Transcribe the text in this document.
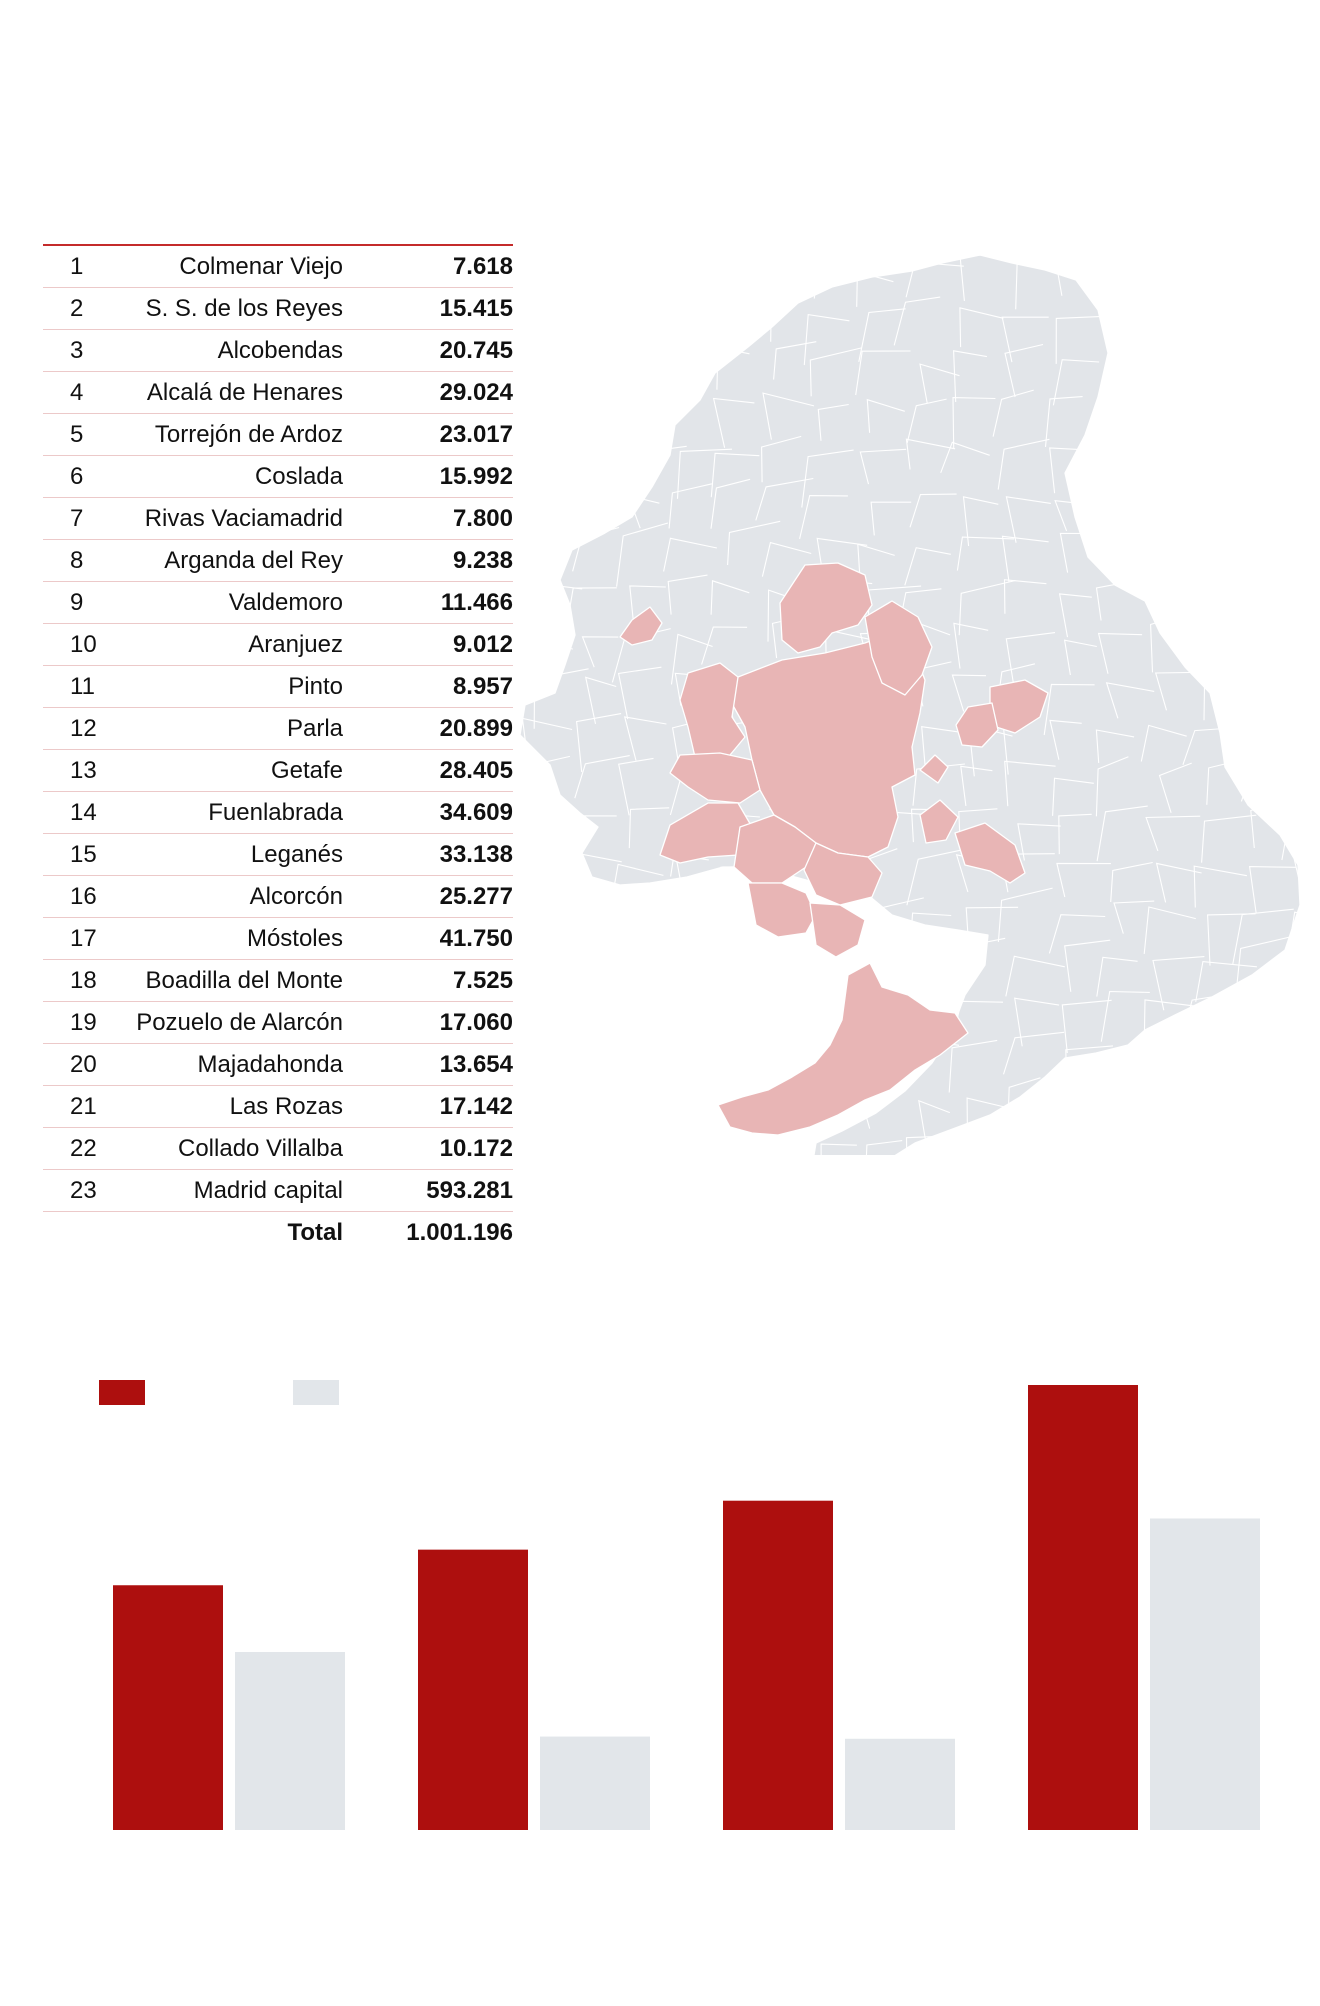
1	Colmenar Viejo	7.618
2	S. S. de los Reyes	15.415
3	Alcobendas	20.745
4	Alcalá de Henares	29.024
5	Torrejón de Ardoz	23.017
6	Coslada	15.992
7	Rivas Vaciamadrid	7.800
8	Arganda del Rey	9.238
9	Valdemoro	11.466
10	Aranjuez	9.012
11	Pinto	8.957
12	Parla	20.899
13	Getafe	28.405
14	Fuenlabrada	34.609
15	Leganés	33.138
16	Alcorcón	25.277
17	Móstoles	41.750
18	Boadilla del Monte	7.525
19	Pozuelo de Alarcón	17.060
20	Majadahonda	13.654
21	Las Rozas	17.142
22	Collado Villalba	10.172
23	Madrid capital	593.281
	Total	1.001.196
